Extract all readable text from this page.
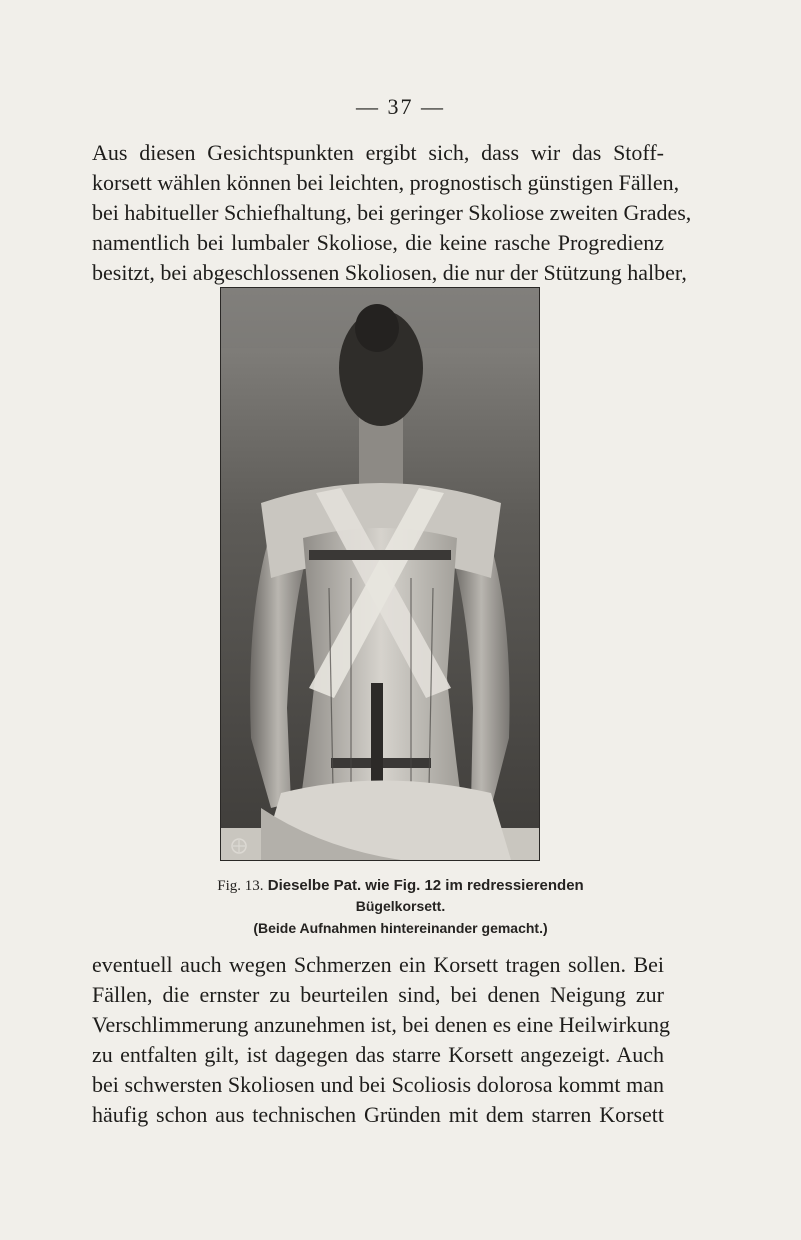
— 37 —

Aus diesen Gesichtspunkten ergibt sich, dass wir das Stoff-
korsett wählen können bei leichten, prognostisch günstigen Fällen,
bei habitueller Schiefhaltung, bei geringer Skoliose zweiten Grades,
namentlich bei lumbaler Skoliose, die keine rasche Progredienz
besitzt, bei abgeschlossenen Skoliosen, die nur der Stützung halber,

Fig. 13. Dieselbe Pat. wie Fig. 12 im redressierenden
Bügelkorsett.
(Beide Aufnahmen hintereinander gemacht.)

eventuell auch wegen Schmerzen ein Korsett tragen sollen. Bei
Fällen, die ernster zu beurteilen sind, bei denen Neigung zur
Verschlimmerung anzunehmen ist, bei denen es eine Heilwirkung
zu entfalten gilt, ist dagegen das starre Korsett angezeigt. Auch
bei schwersten Skoliosen und bei Scoliosis dolorosa kommt man
häufig schon aus technischen Gründen mit dem starren Korsett
